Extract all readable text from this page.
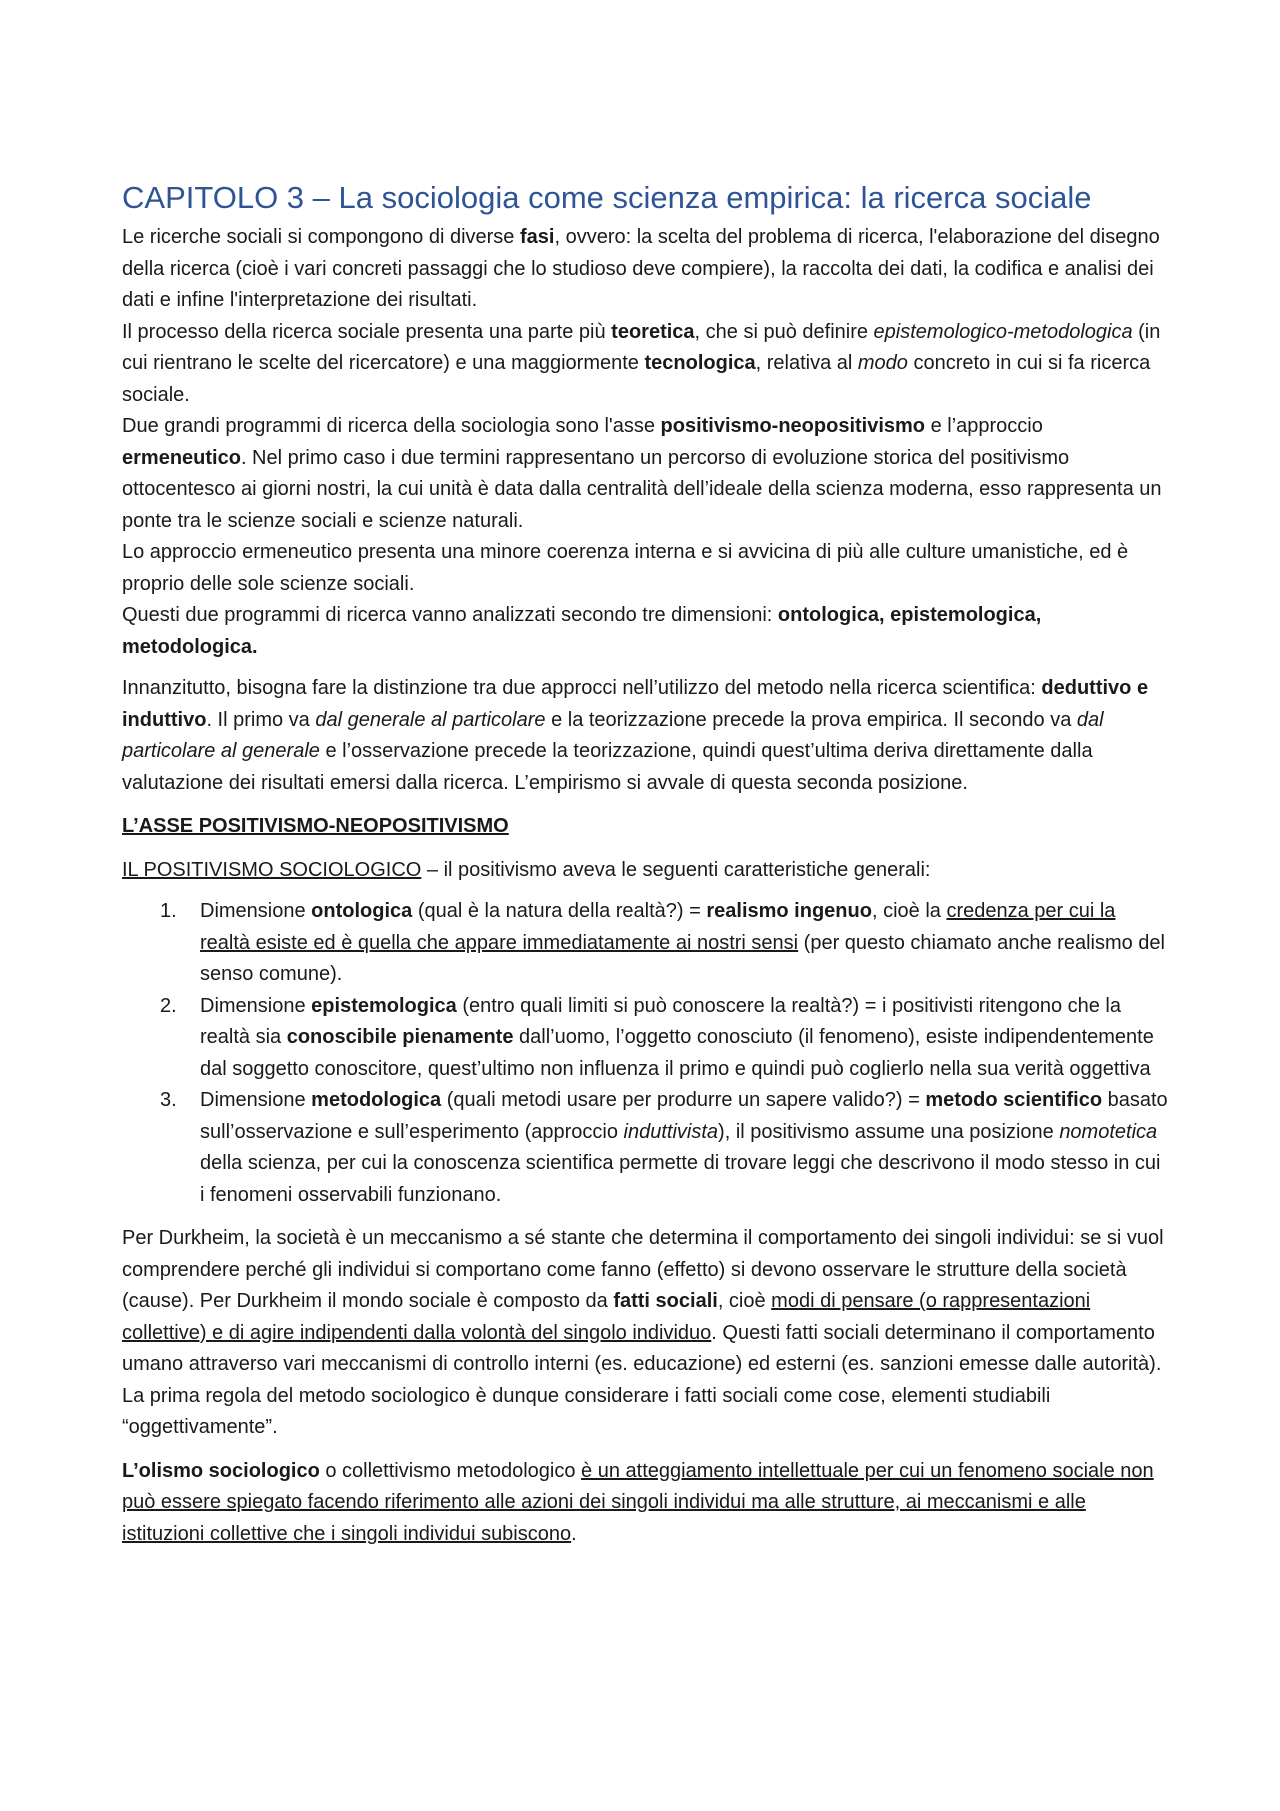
CAPITOLO 3 – La sociologia come scienza empirica: la ricerca sociale

Le ricerche sociali si compongono di diverse fasi, ovvero: la scelta del problema di ricerca, l'elaborazione del disegno della ricerca (cioè i vari concreti passaggi che lo studioso deve compiere), la raccolta dei dati, la codifica e analisi dei dati e infine l'interpretazione dei risultati.

Il processo della ricerca sociale presenta una parte più teoretica, che si può definire epistemologico-metodologica (in cui rientrano le scelte del ricercatore) e una maggiormente tecnologica, relativa al modo concreto in cui si fa ricerca sociale.

Due grandi programmi di ricerca della sociologia sono l'asse positivismo-neopositivismo e l’approccio ermeneutico. Nel primo caso i due termini rappresentano un percorso di evoluzione storica del positivismo ottocentesco ai giorni nostri, la cui unità è data dalla centralità dell’ideale della scienza moderna, esso rappresenta un ponte tra le scienze sociali e scienze naturali.

Lo approccio ermeneutico presenta una minore coerenza interna e si avvicina di più alle culture umanistiche, ed è proprio delle sole scienze sociali.

Questi due programmi di ricerca vanno analizzati secondo tre dimensioni: ontologica, epistemologica, metodologica.

Innanzitutto, bisogna fare la distinzione tra due approcci nell’utilizzo del metodo nella ricerca scientifica: deduttivo e induttivo. Il primo va dal generale al particolare e la teorizzazione precede la prova empirica. Il secondo va dal particolare al generale e l’osservazione precede la teorizzazione, quindi quest’ultima deriva direttamente dalla valutazione dei risultati emersi dalla ricerca. L’empirismo si avvale di questa seconda posizione.

L’ASSE POSITIVISMO-NEOPOSITIVISMO

IL POSITIVISMO SOCIOLOGICO – il positivismo aveva le seguenti caratteristiche generali:

1. Dimensione ontologica (qual è la natura della realtà?) = realismo ingenuo, cioè la credenza per cui la realtà esiste ed è quella che appare immediatamente ai nostri sensi (per questo chiamato anche realismo del senso comune).
2. Dimensione epistemologica (entro quali limiti si può conoscere la realtà?) = i positivisti ritengono che la realtà sia conoscibile pienamente dall’uomo, l’oggetto conosciuto (il fenomeno), esiste indipendentemente dal soggetto conoscitore, quest’ultimo non influenza il primo e quindi può coglierlo nella sua verità oggettiva
3. Dimensione metodologica (quali metodi usare per produrre un sapere valido?) = metodo scientifico basato sull’osservazione e sull’esperimento (approccio induttivista), il positivismo assume una posizione nomotetica della scienza, per cui la conoscenza scientifica permette di trovare leggi che descrivono il modo stesso in cui i fenomeni osservabili funzionano.

Per Durkheim, la società è un meccanismo a sé stante che determina il comportamento dei singoli individui: se si vuol comprendere perché gli individui si comportano come fanno (effetto) si devono osservare le strutture della società (cause). Per Durkheim il mondo sociale è composto da fatti sociali, cioè modi di pensare (o rappresentazioni collettive) e di agire indipendenti dalla volontà del singolo individuo. Questi fatti sociali determinano il comportamento umano attraverso vari meccanismi di controllo interni (es. educazione) ed esterni (es. sanzioni emesse dalle autorità). La prima regola del metodo sociologico è dunque considerare i fatti sociali come cose, elementi studiabili “oggettivamente”.

L’olismo sociologico o collettivismo metodologico è un atteggiamento intellettuale per cui un fenomeno sociale non può essere spiegato facendo riferimento alle azioni dei singoli individui ma alle strutture, ai meccanismi e alle istituzioni collettive che i singoli individui subiscono.
